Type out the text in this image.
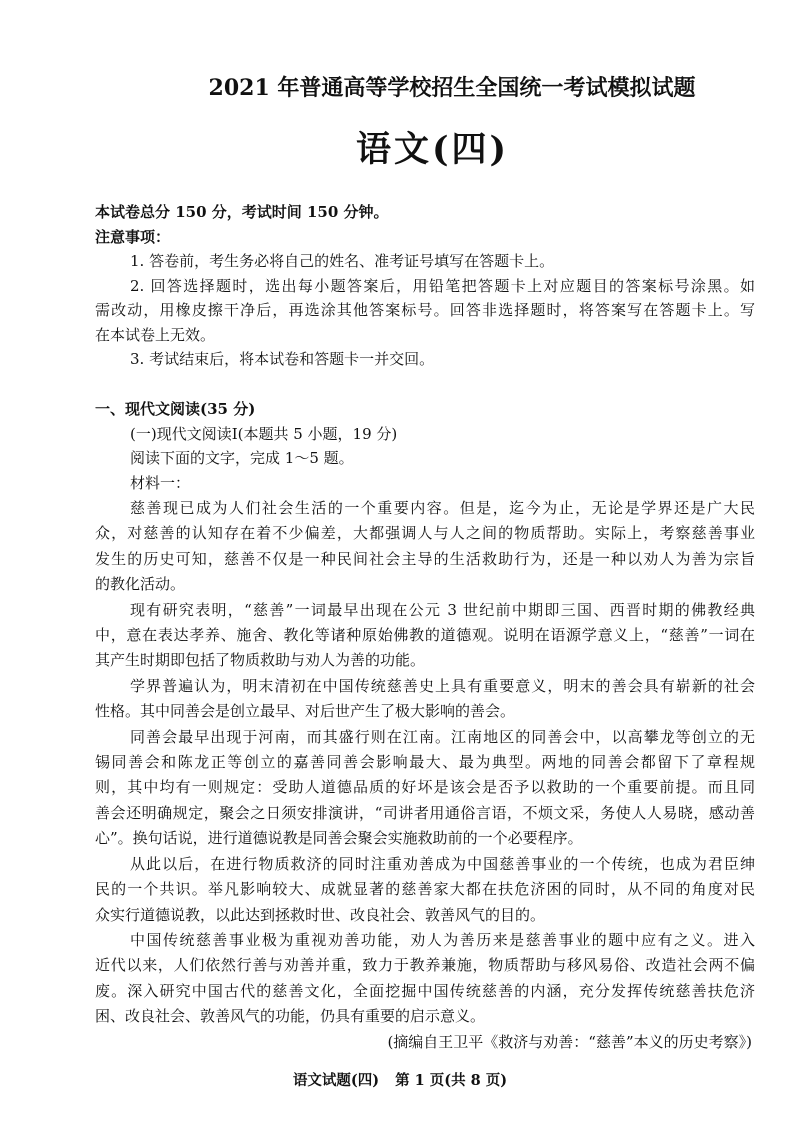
2021 年普通高等学校招生全国统一考试模拟试题
语文(四)
本试卷总分 150 分，考试时间 150 分钟。
注意事项：
1. 答卷前，考生务必将自己的姓名、准考证号填写在答题卡上。
2. 回答选择题时，选出每小题答案后，用铅笔把答题卡上对应题目的答案标号涂黑。如
需改动，用橡皮擦干净后，再选涂其他答案标号。回答非选择题时，将答案写在答题卡上。写
在本试卷上无效。
3. 考试结束后，将本试卷和答题卡一并交回。
一、现代文阅读(35 分)
(一)现代文阅读Ⅰ(本题共 5 小题，19 分)
阅读下面的文字，完成 1～5 题。
材料一：
慈善现已成为人们社会生活的一个重要内容。但是，迄今为止，无论是学界还是广大民
众，对慈善的认知存在着不少偏差，大都强调人与人之间的物质帮助。实际上，考察慈善事业
发生的历史可知，慈善不仅是一种民间社会主导的生活救助行为，还是一种以劝人为善为宗旨
的教化活动。
现有研究表明，“慈善”一词最早出现在公元 3 世纪前中期即三国、西晋时期的佛教经典
中，意在表达孝养、施舍、教化等诸种原始佛教的道德观。说明在语源学意义上，“慈善”一词在
其产生时期即包括了物质救助与劝人为善的功能。
学界普遍认为，明末清初在中国传统慈善史上具有重要意义，明末的善会具有崭新的社会
性格。其中同善会是创立最早、对后世产生了极大影响的善会。
同善会最早出现于河南，而其盛行则在江南。江南地区的同善会中，以高攀龙等创立的无
锡同善会和陈龙正等创立的嘉善同善会影响最大、最为典型。两地的同善会都留下了章程规
则，其中均有一则规定：受助人道德品质的好坏是该会是否予以救助的一个重要前提。而且同
善会还明确规定，聚会之日须安排演讲，“司讲者用通俗言语，不烦文采，务使人人易晓，感动善
心”。换句话说，进行道德说教是同善会聚会实施救助前的一个必要程序。
从此以后，在进行物质救济的同时注重劝善成为中国慈善事业的一个传统，也成为君臣绅
民的一个共识。举凡影响较大、成就显著的慈善家大都在扶危济困的同时，从不同的角度对民
众实行道德说教，以此达到拯救时世、改良社会、敦善风气的目的。
中国传统慈善事业极为重视劝善功能，劝人为善历来是慈善事业的题中应有之义。进入
近代以来，人们依然行善与劝善并重，致力于教养兼施，物质帮助与移风易俗、改造社会两不偏
废。深入研究中国古代的慈善文化，全面挖掘中国传统慈善的内涵，充分发挥传统慈善扶危济
困、改良社会、敦善风气的功能，仍具有重要的启示意义。
(摘编自王卫平《救济与劝善：“慈善”本义的历史考察》)
语文试题(四) 第 1 页(共 8 页)
